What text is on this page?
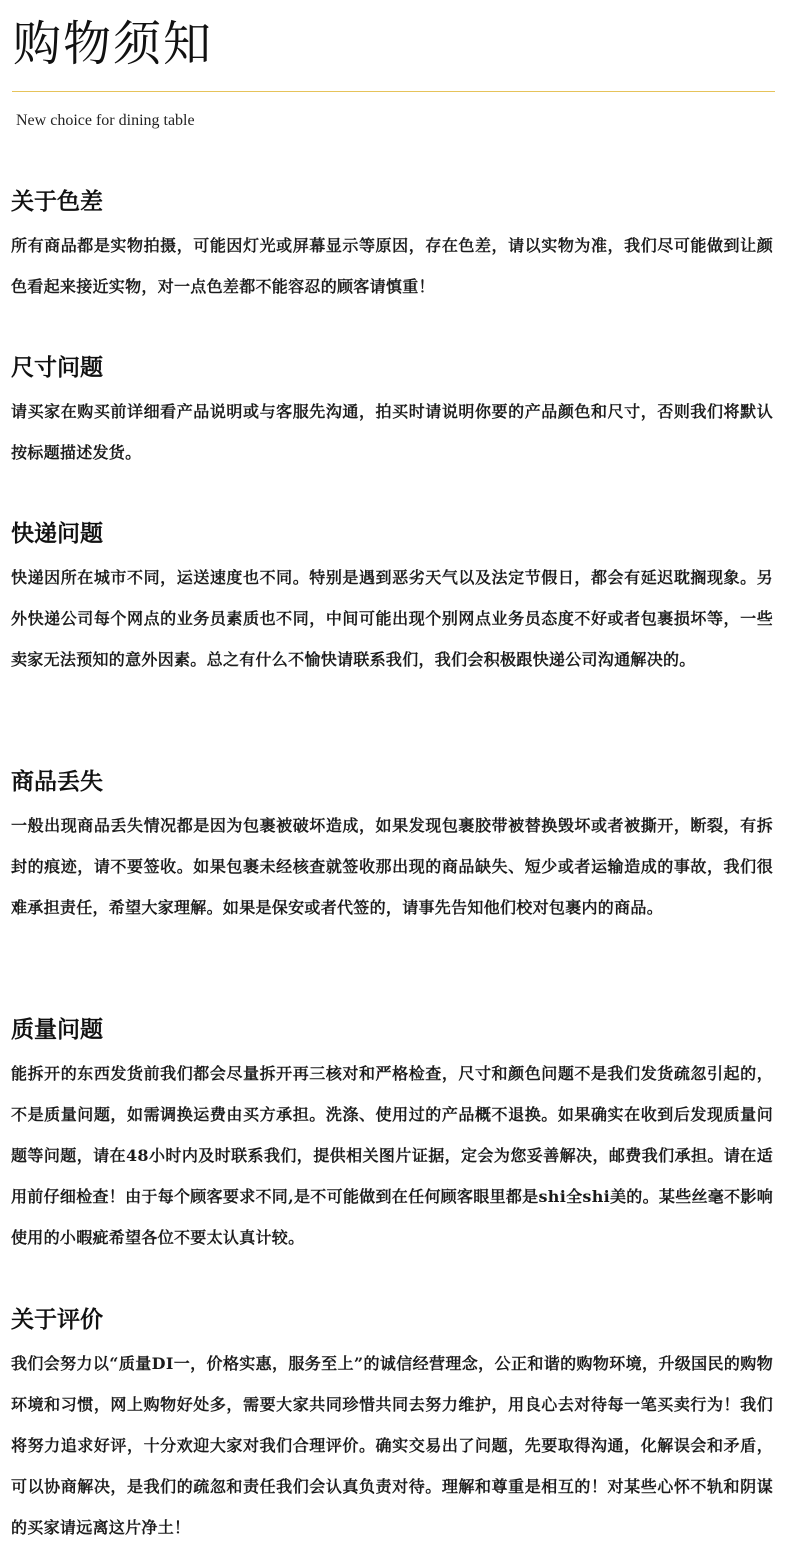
购物须知

New choice for dining table

关于色差

所有商品都是实物拍摄，可能因灯光或屏幕显示等原因，存在色差，请以实物为准，我们尽可能做到让颜色看起来接近实物，对一点色差都不能容忍的顾客请慎重！

尺寸问题

请买家在购买前详细看产品说明或与客服先沟通，拍买时请说明你要的产品颜色和尺寸，否则我们将默认按标题描述发货。

快递问题

快递因所在城市不同，运送速度也不同。特别是遇到恶劣天气以及法定节假日，都会有延迟耽搁现象。另外快递公司每个网点的业务员素质也不同，中间可能出现个别网点业务员态度不好或者包裹损坏等，一些卖家无法预知的意外因素。总之有什么不愉快请联系我们，我们会积极跟快递公司沟通解决的。

商品丢失

一般出现商品丢失情况都是因为包裹被破坏造成，如果发现包裹胶带被替换毁坏或者被撕开，断裂，有拆封的痕迹，请不要签收。如果包裹未经核查就签收那出现的商品缺失、短少或者运输造成的事故，我们很难承担责任，希望大家理解。如果是保安或者代签的，请事先告知他们校对包裹内的商品。

质量问题

能拆开的东西发货前我们都会尽量拆开再三核对和严格检查，尺寸和颜色问题不是我们发货疏忽引起的，不是质量问题，如需调换运费由买方承担。洗涤、使用过的产品概不退换。如果确实在收到后发现质量问题等问题，请在48小时内及时联系我们，提供相关图片证据，定会为您妥善解决，邮费我们承担。请在适用前仔细检查！由于每个顾客要求不同,是不可能做到在任何顾客眼里都是shi全shi美的。某些丝毫不影响使用的小暇疵希望各位不要太认真计较。

关于评价

我们会努力以“质量DI一，价格实惠，服务至上”的诚信经营理念，公正和谐的购物环境，升级国民的购物环境和习惯，网上购物好处多，需要大家共同珍惜共同去努力维护，用良心去对待每一笔买卖行为！我们将努力追求好评，十分欢迎大家对我们合理评价。确实交易出了问题，先要取得沟通，化解误会和矛盾，可以协商解决，是我们的疏忽和责任我们会认真负责对待。理解和尊重是相互的！对某些心怀不轨和阴谋的买家请远离这片净土！
